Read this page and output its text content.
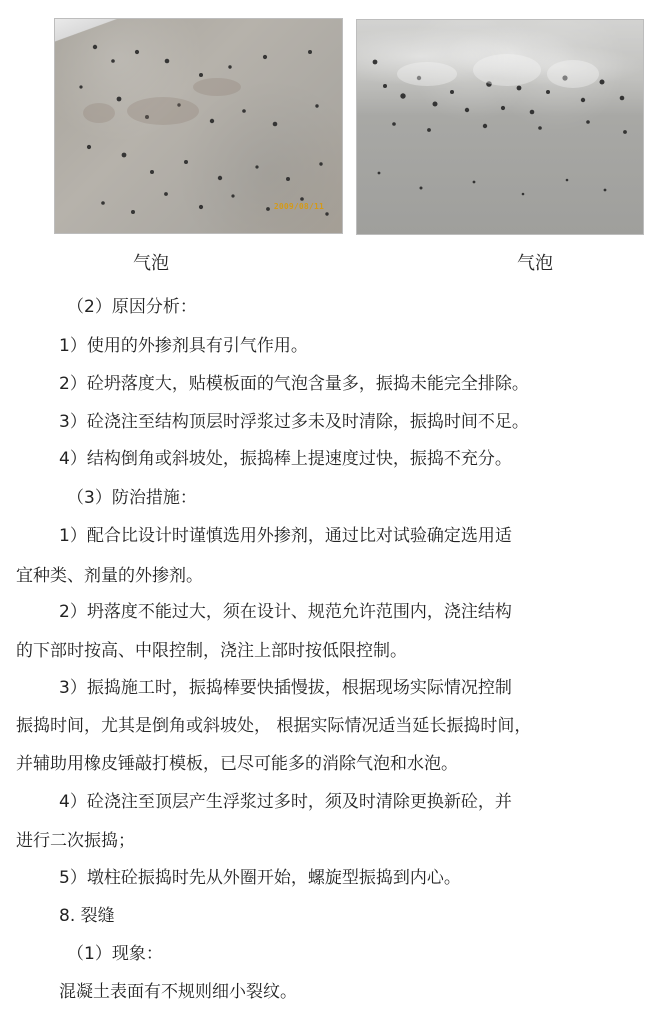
2009/08/11
气泡	气泡
（2）原因分析：
1）使用的外掺剂具有引气作用。
2）砼坍落度大，贴模板面的气泡含量多，振捣未能完全排除。
3）砼浇注至结构顶层时浮浆过多未及时清除，振捣时间不足。
4）结构倒角或斜坡处，振捣棒上提速度过快，振捣不充分。
（3）防治措施：
1）配合比设计时谨慎选用外掺剂，通过比对试验确定选用适
宜种类、剂量的外掺剂。
2）坍落度不能过大，须在设计、规范允许范围内，浇注结构
的下部时按高、中限控制，浇注上部时按低限控制。
3）振捣施工时，振捣棒要快插慢拔，根据现场实际情况控制
振捣时间，尤其是倒角或斜坡处， 根据实际情况适当延长振捣时间，
并辅助用橡皮锤敲打模板，已尽可能多的消除气泡和水泡。
4）砼浇注至顶层产生浮浆过多时，须及时清除更换新砼，并
进行二次振捣；
5）墩柱砼振捣时先从外圈开始，螺旋型振捣到内心。
8. 裂缝
（1）现象：
混凝土表面有不规则细小裂纹。
